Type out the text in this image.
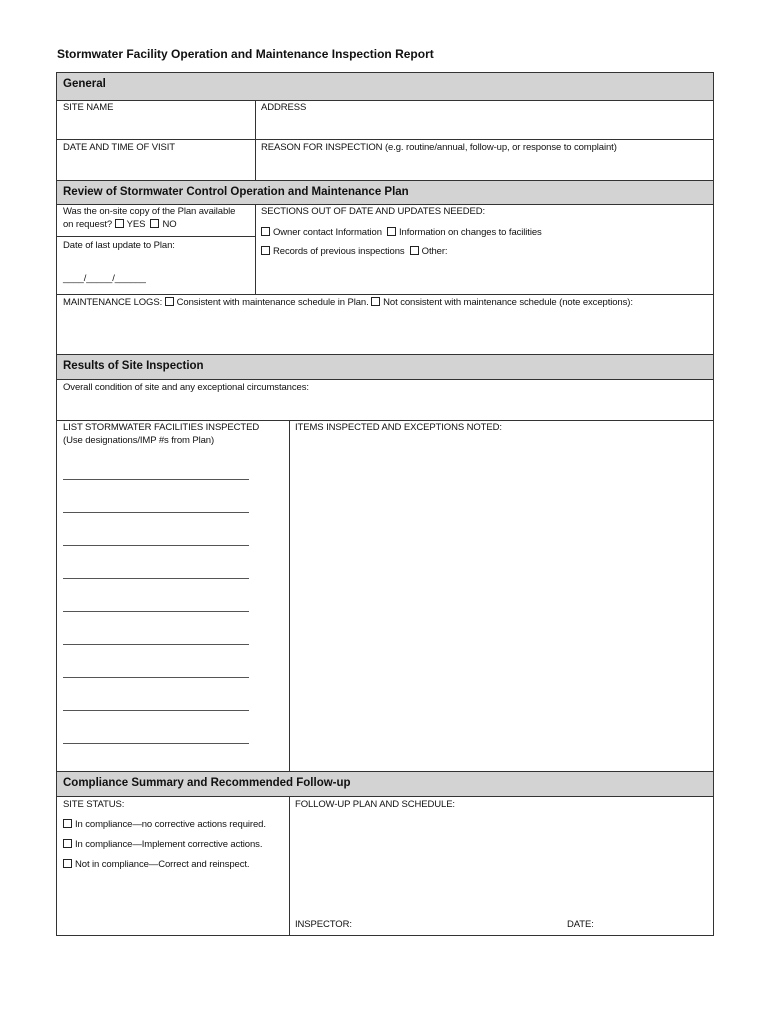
Stormwater Facility Operation and Maintenance Inspection Report
General
SITE NAME	ADDRESS
DATE AND TIME OF VISIT	REASON FOR INSPECTION (e.g. routine/annual, follow-up, or response to complaint)
Review of Stormwater Control Operation and Maintenance Plan
Was the on-site copy of the Plan available
on request? YES NO
Date of last update to Plan:
____/_____/______
SECTIONS OUT OF DATE AND UPDATES NEEDED:
Owner contact Information Information on changes to facilities
Records of previous inspections Other:
MAINTENANCE LOGS: Consistent with maintenance schedule in Plan. Not consistent with maintenance schedule (note exceptions):
Results of Site Inspection
Overall condition of site and any exceptional circumstances:
LIST STORMWATER FACILITIES INSPECTED
(Use designations/IMP #s from Plan)
ITEMS INSPECTED AND EXCEPTIONS NOTED:
Compliance Summary and Recommended Follow-up
SITE STATUS:
In compliance—no corrective actions required.
In compliance—Implement corrective actions.
Not in compliance—Correct and reinspect.
FOLLOW-UP PLAN AND SCHEDULE:
INSPECTOR:	DATE:
